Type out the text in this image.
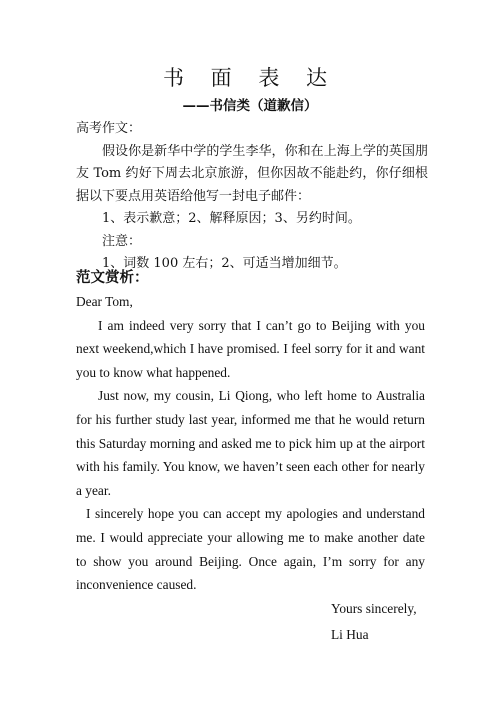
书 面 表 达
——书信类（道歉信）
高考作文：
假设你是新华中学的学生李华，你和在上海上学的英国朋友 Tom 约好下周去北京旅游，但你因故不能赴约，你仔细根据以下要点用英语给他写一封电子邮件：
1、表示歉意；2、解释原因；3、另约时间。
注意：
1、词数 100 左右；2、可适当增加细节。
范文赏析：
Dear Tom,
I am indeed very sorry that I can’t go to Beijing with you next weekend,which I have promised. I feel sorry for it and want you to know what happened.
Just now, my cousin, Li Qiong, who left home to Australia for his further study last year, informed me that he would return this Saturday morning and asked me to pick him up at the airport with his family. You know, we haven’t seen each other for nearly a year.
I sincerely hope you can accept my apologies and understand me. I would appreciate your allowing me to make another date to show you around Beijing. Once again, I’m sorry for any inconvenience caused.
Yours sincerely,
Li Hua
